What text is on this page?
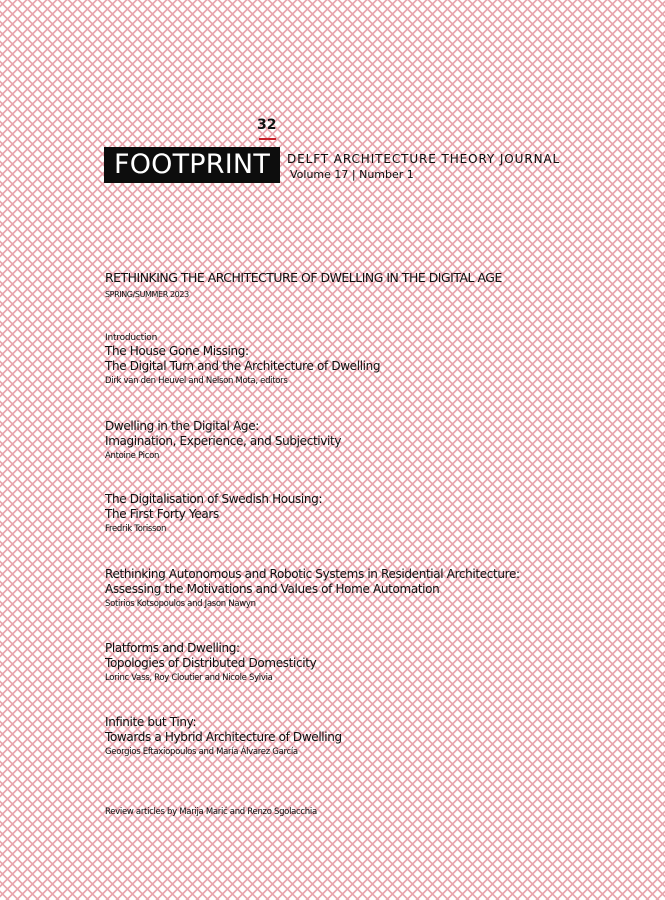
32
FOOTPRINT	DELFT ARCHITECTURE THEORY JOURNAL
Volume 17 | Number 1
RETHINKING THE ARCHITECTURE OF DWELLING IN THE DIGITAL AGE
SPRING/SUMMER 2023
Introduction
The House Gone Missing:
The Digital Turn and the Architecture of Dwelling
Dirk van den Heuvel and Nelson Mota, editors
Dwelling in the Digital Age:
Imagination, Experience, and Subjectivity
Antoine Picon
The Digitalisation of Swedish Housing:
The First Forty Years
Fredrik Torisson
Rethinking Autonomous and Robotic Systems in Residential Architecture:
Assessing the Motivations and Values of Home Automation
Sotirios Kotsopoulos and Jason Nawyn
Platforms and Dwelling:
Topologies of Distributed Domesticity
Lorinc Vass, Roy Cloutier and Nicole Sylvia
Infinite but Tiny:
Towards a Hybrid Architecture of Dwelling
Georgios Eftaxiopoulos and María Álvarez García
Review articles by Marija Marić and Renzo Sgolacchia
